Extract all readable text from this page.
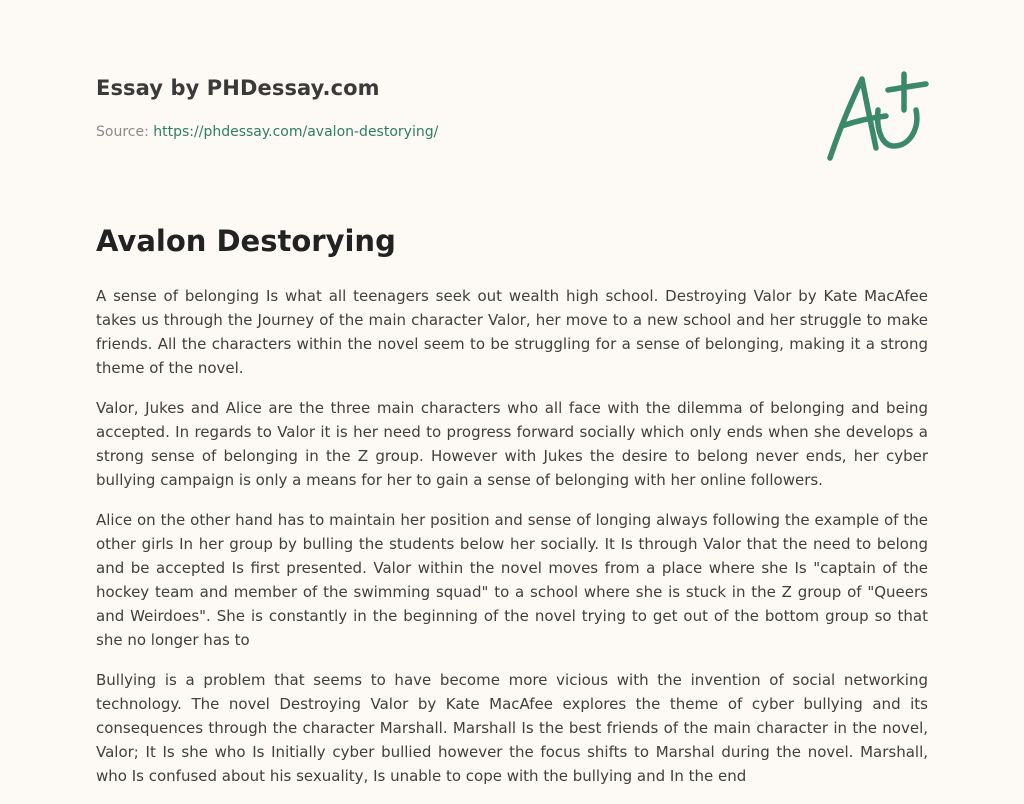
Essay by PHDessay.com
Source: https://phdessay.com/avalon-destorying/
Avalon Destorying

A sense of belonging Is what all teenagers seek out wealth high school. Destroying Valor by Kate MacAfee takes us through the Journey of the main character Valor, her move to a new school and her struggle to make friends. All the characters within the novel seem to be struggling for a sense of belonging, making it a strong theme of the novel.

Valor, Jukes and Alice are the three main characters who all face with the dilemma of belonging and being accepted. In regards to Valor it is her need to progress forward socially which only ends when she develops a strong sense of belonging in the Z group. However with Jukes the desire to belong never ends, her cyber bullying campaign is only a means for her to gain a sense of belonging with her online followers.

Alice on the other hand has to maintain her position and sense of longing always following the example of the other girls In her group by bulling the students below her socially. It Is through Valor that the need to belong and be accepted Is first presented. Valor within the novel moves from a place where she Is "captain of the hockey team and member of the swimming squad" to a school where she is stuck in the Z group of "Queers and Weirdoes". She is constantly in the beginning of the novel trying to get out of the bottom group so that she no longer has to

Bullying is a problem that seems to have become more vicious with the invention of social networking technology. The novel Destroying Valor by Kate MacAfee explores the theme of cyber bullying and its consequences through the character Marshall. Marshall Is the best friends of the main character in the novel, Valor; It Is she who Is Initially cyber bullied however the focus shifts to Marshal during the novel. Marshall, who Is confused about his sexuality, Is unable to cope with the bullying and In the end
